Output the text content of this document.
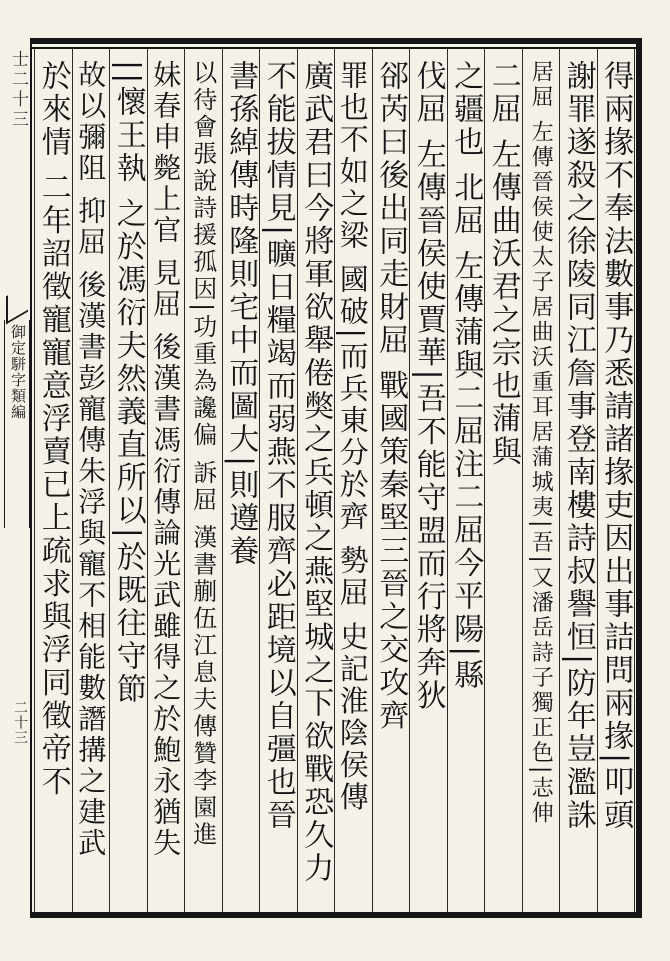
士二十三
御定駢字類編
二十三	得兩掾不奉法數事乃悉請諸掾吏因出事詰問兩掾|叩頭
謝罪遂殺之徐陵同江詹事登南樓詩叔譽恒|防年豈濫誅
居屈 左傳晉侯使太子居曲沃重耳居蒲城夷|吾|又潘岳詩子獨正色|志伸
二屈 左傳曲沃君之宗也蒲與
之疆也 北屈 左傳蒲與二屈注二屈今平陽|縣
伐屈 左傳晉侯使賈華|吾不能守盟而行將奔狄
郤芮曰後出同走財屈 戰國策秦堅三晉之交攻齊
罪也不如之梁 國破|而兵東分於齊 勢屈 史記淮陰侯傳
廣武君曰今將軍欲舉倦獘之兵頓之燕堅城之下欲戰恐久力
不能拔情見|曠日糧竭而弱燕不服齊必距境以自彊也晉
書孫綽傳時隆則宅中而圖大|則遵養
以待會張說詩援孤因|功重為讒偏 訴屈 漢書蒯伍江息夫傳贊李園進
妹春申斃上官 見屈 後漢書馮衍傳論光武雖得之於鮑永猶失
||懷王執 之於馮衍夫然義直所以|於既往守節
故以彌阻 抑屈 後漢書彭寵傳朱浮與寵不相能數譖搆之建武
於來情 二年詔徵寵寵意浮賣已上疏求與浮同徵帝不
